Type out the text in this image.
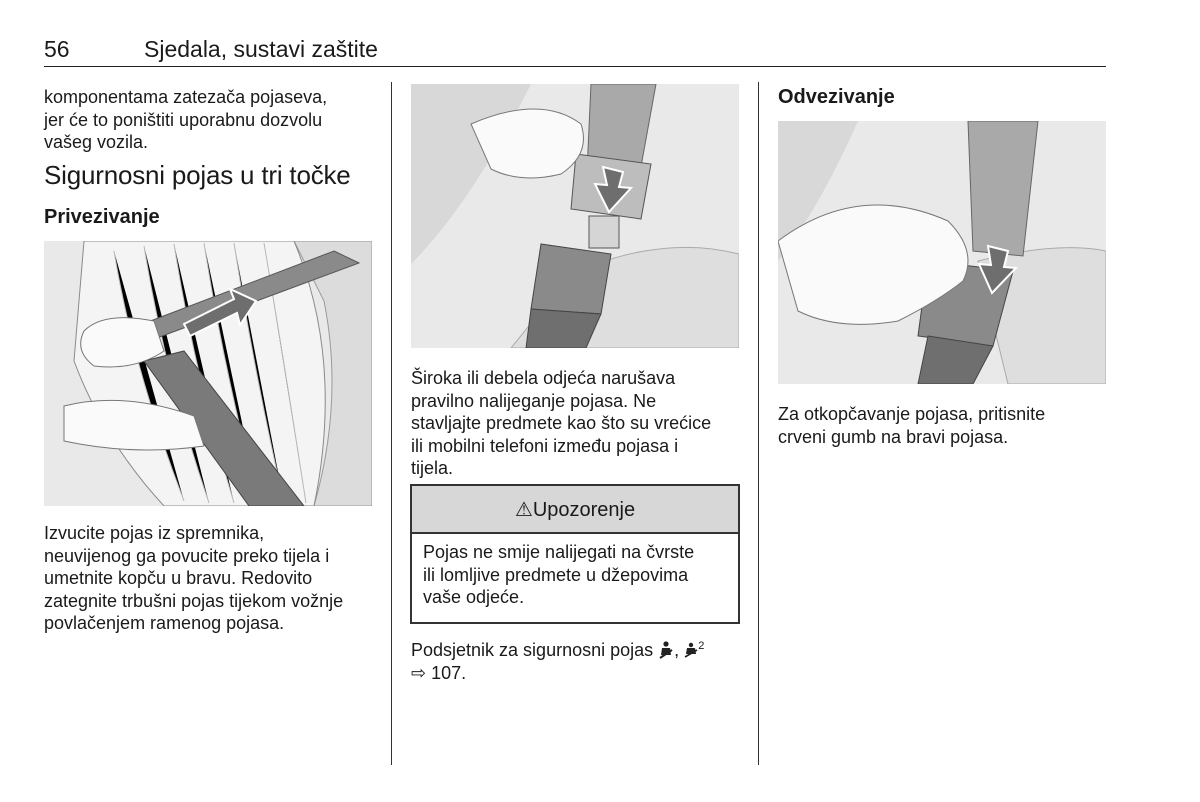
56	Sjedala, sustavi zaštite

komponentama zatezača pojaseva,

jer će to poništiti uporabnu dozvolu

vašeg vozila.

Sigurnosni pojas u tri točke
Privezivanje

Izvucite pojas iz spremnika,

neuvijenog ga povucite preko tijela i

umetnite kopču u bravu. Redovito

zategnite trbušni pojas tijekom vožnje

povlačenjem ramenog pojasa.

Široka ili debela odjeća narušava

pravilno nalijeganje pojasa. Ne

stavljajte predmete kao što su vrećice

ili mobilni telefoni između pojasa i

tijela.

⚠Upozorenje

Pojas ne smije nalijegati na čvrste

ili lomljive predmete u džepovima

vaše odjeće.

Podsjetnik za sigurnosni pojas , $^2$

⇨ 107.

Odvezivanje

Za otkopčavanje pojasa, pritisnite

crveni gumb na bravi pojasa.
